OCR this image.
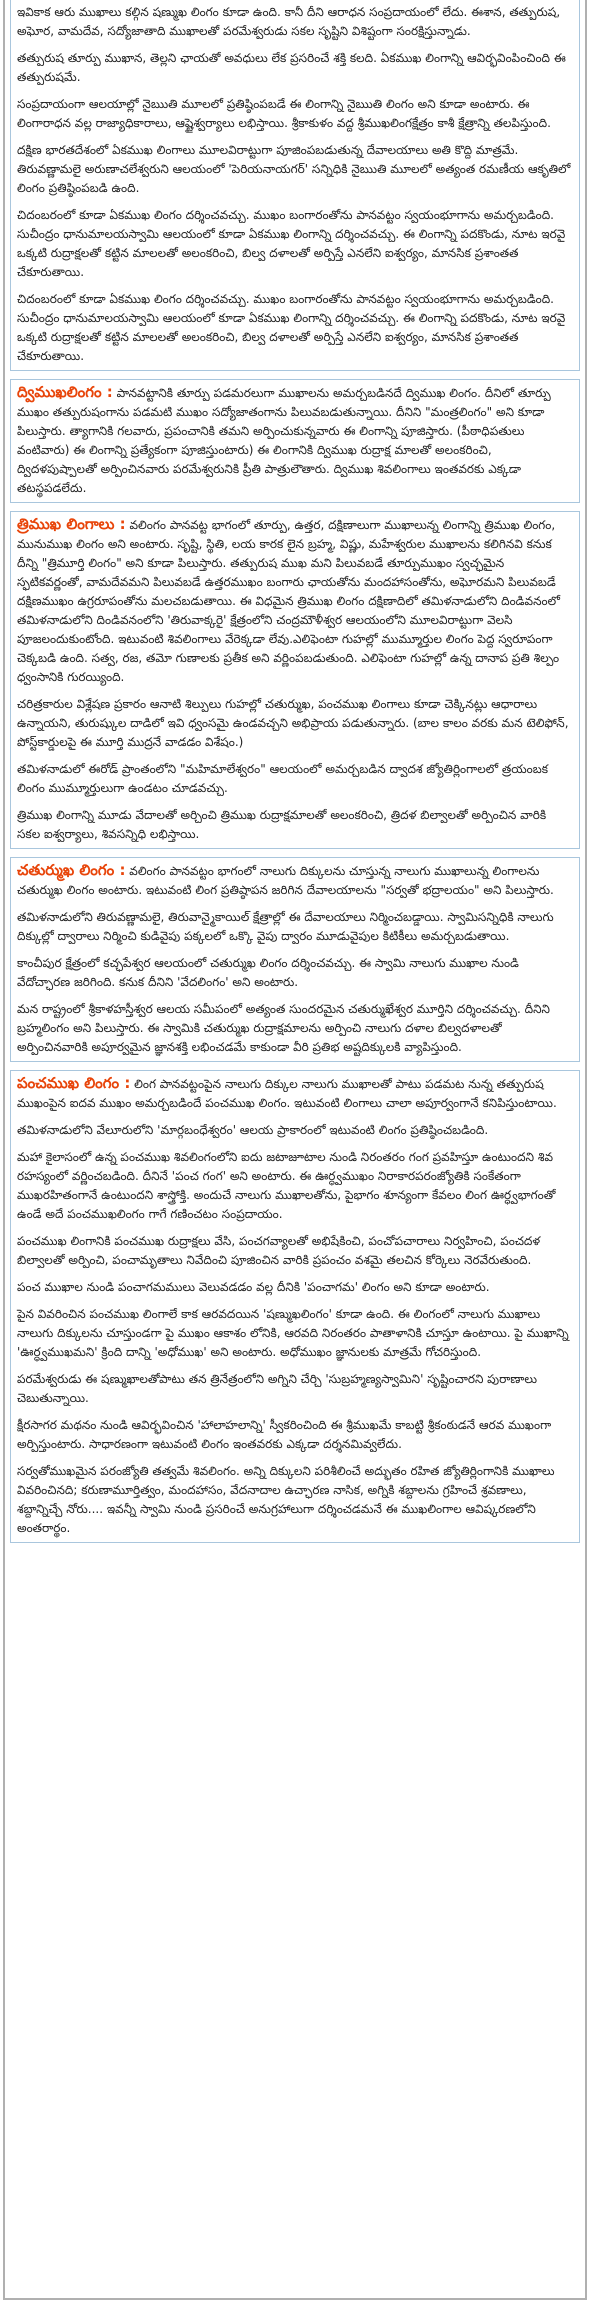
ఇవికాక ఆరు ముఖాలు కల్గిన షణ్ముఖ లింగం కూడా ఉంది. కానీ దీని ఆరాధన సంప్రదాయంలో లేదు. ఈశాన, తత్పురుష, అఘోర, వామదేవ, సద్యోజాతాది ముఖాలతో పరమేశ్వరుడు సకల సృష్టిని విశిష్టంగా సంరక్షిస్తున్నాడు.

తత్పురుష తూర్పు ముఖాన, తెల్లని ఛాయతో అవధులు లేక ప్రసరించే శక్తి కలది. ఏకముఖ లింగాన్ని ఆవిర్భవింపించింది ఈ తత్పురుషమే.

సంప్రదాయంగా ఆలయాల్లో నైఋతి మూలలో ప్రతిష్ఠింపబడే ఈ లింగాన్ని నైఋతి లింగం అని కూడా అంటారు. ఈ లింగారాధన వల్ల రాజ్యాధికారాలు, ఆష్టైశ్వర్యాలు లభిస్తాయి. శ్రీకాకుళం వద్ద శ్రీముఖలింగక్షేత్రం కాశీ క్షేత్రాన్ని తలపిస్తుంది.

దక్షిణ భారతదేశంలో ఏకముఖ లింగాలు మూలవిరాట్టుగా పూజింపబడుతున్న దేవాలయాలు అతి కొద్ది మాత్రమే. తిరువణ్ణామలై అరుణాచలేశ్వరుని ఆలయంలో 'పెరియనాయగర్' సన్నిధికి నైఋతి మూలలో అత్యంత రమణీయ ఆకృతిలో లింగం ప్రతిష్ఠింపబడి ఉంది.

చిదంబరంలో కూడా ఏకముఖ లింగం దర్శించవచ్చు. ముఖం బంగారంతోను పానవట్టం స్వయంభూగాను అమర్చబడింది. సుచీంద్రం ధానుమాలయస్వామి ఆలయంలో కూడా ఏకముఖ లింగాన్ని దర్శించవచ్చు. ఈ లింగాన్ని పదకొండు, నూట ఇరవై ఒక్కటి రుద్రాక్షలతో కట్టిన మాలలతో అలంకరించి, బిల్వ దళాలతో అర్పిస్తే ఎనలేని ఐశ్వర్యం, మానసిక ప్రశాంతత చేకూరుతాయి.

చిదంబరంలో కూడా ఏకముఖ లింగం దర్శించవచ్చు. ముఖం బంగారంతోను పానవట్టం స్వయంభూగాను అమర్చబడింది. సుచీంద్రం ధానుమాలయస్వామి ఆలయంలో కూడా ఏకముఖ లింగాన్ని దర్శించవచ్చు. ఈ లింగాన్ని పదకొండు, నూట ఇరవై ఒక్కటి రుద్రాక్షలతో కట్టిన మాలలతో అలంకరించి, బిల్వ దళాలతో అర్పిస్తే ఎనలేని ఐశ్వర్యం, మానసిక ప్రశాంతత చేకూరుతాయి.

ద్విముఖలింగం : పానవట్టానికి తూర్పు పడమరలుగా ముఖాలను అమర్చబడినదే ద్విముఖ లింగం. దీనిలో తూర్పు ముఖం తత్పురుషంగాను పడమటి ముఖం సద్యోజాతంగాను పిలువబడుతున్నాయి. దీనిని "మంత్రలింగం" అని కూడా పిలుస్తారు. త్యాగానికి గలవారు, ప్రపంచానికి తమని అర్పించుకున్నవారు ఈ లింగాన్ని పూజిస్తారు. (పీఠాధిపతులు వంటివారు) ఈ లింగాన్ని ప్రత్యేకంగా పూజిస్తుంటారు) ఈ లింగానికి ద్విముఖ రుద్రాక్ష మాలతో అలంకరించి, ద్విదళపుష్పాలతో అర్పించినవారు పరమేశ్వరునికి ప్రీతి పాత్రులౌతారు. ద్విముఖ శివలింగాలు ఇంతవరకు ఎక్కడా తటస్థపడలేదు.

త్రిముఖ లింగాలు : వలింగం పానవట్ట భాగంలో తూర్పు, ఉత్తర, దక్షిణాలుగా ముఖాలున్న లింగాన్ని త్రిముఖ లింగం, మునుముఖ లింగం అని అంటారు. సృష్టి, స్థితి, లయ కారక లైన బ్రహ్మ, విష్ణు, మహేశ్వరుల ముఖాలను కలిగినవి కనుక దీన్ని "త్రిమూర్తి లింగం" అని కూడా పిలుస్తారు. తత్పురుష ముఖ మని పిలువబడే తూర్పుముఖం స్వచ్ఛమైన స్ఫటికవర్ణంతో, వామదేవమని పిలువబడే ఉత్తరముఖం బంగారు ఛాయతోను మందహాసంతోను, అఘోరమని పిలువబడే దక్షిణముఖం ఉగ్రరూపంతోను మలచబడుతాయి. ఈ విధమైన త్రిముఖ లింగం దక్షిణాదిలో తమిళనాడులోని దిండివనంలో తమిళనాడులోని దిండివనంలోని 'తిరువాక్కరై' క్షేత్రంలోని చంద్రమౌళీశ్వర ఆలయంలోని మూలవిరాట్టుగా వెలసి పూజలందుకుంటోంది. ఇటువంటి శివలింగాలు వేరెక్కడా లేవు.ఎలిఫెంటా గుహల్లో ముమ్మూర్తుల లింగం పెద్ద స్వరూపంగా చెక్కబడి ఉంది. సత్వ, రజ, తమో గుణాలకు ప్రతీక అని వర్ణింపబడుతుంది. ఎలిఫెంటా గుహల్లో ఉన్న దానాప ప్రతి శిల్పం ధ్వంసానికి గురయ్యింది.

చరిత్రకారుల విశ్లేషణ ప్రకారం ఆనాటి శిల్పులు గుహల్లో చతుర్ముఖ, పంచముఖ లింగాలు కూడా చెక్కినట్లు ఆధారాలు ఉన్నాయని, తురుష్కుల దాడిలో ఇవి ధ్వంసమై ఉండవచ్చని అభిప్రాయ పడుతున్నారు. (బాల కాలం వరకు మన టెలిఫోన్, పోస్ట్‌కార్డులపై ఈ మూర్తి ముద్రనే వాడడం విశేషం.)

తమిళనాడులో ఈరోడ్ ప్రాంతంలోని "మహిమాలేశ్వరం" ఆలయంలో అమర్చబడిన ద్వాదశ జ్యోతిర్లింగాలలో త్రయంబక లింగం ముమ్మూర్తులుగా ఉండటం చూడవచ్చు.

త్రిముఖ లింగాన్ని మూడు వేదాలతో అర్చించి త్రిముఖ రుద్రాక్షమాలతో అలంకరించి, త్రిదళ బిల్వాలతో అర్పించిన వారికి సకల ఐశ్వర్యాలు, శివసన్నిధి లభిస్తాయి.

చతుర్ముఖ లింగం : వలింగం పానవట్టం భాగంలో నాలుగు దిక్కులను చూస్తున్న నాలుగు ముఖాలున్న లింగాలను చతుర్ముఖ లింగం అంటారు. ఇటువంటి లింగ ప్రతిష్ఠాపన జరిగిన దేవాలయాలను "సర్వతో భద్రాలయం" అని పిలుస్తారు.

తమిళనాడులోని తిరువణ్ణామలై, తిరువాన్మైకాయిల్ క్షేత్రాల్లో ఈ దేవాలయాలు నిర్మించబడ్డాయి. స్వామిసన్నిధికి నాలుగు దిక్కుల్లో ద్వారాలు నిర్మించి కుడివైపు పక్కలలో ఒక్కొ వైపు ద్వారం మూడువైపుల కిటికీలు అమర్చబడుతాయి.

కాంచీపుర క్షేత్రంలో కచ్ఛపేశ్వర ఆలయంలో చతుర్ముఖ లింగం దర్శించవచ్చు. ఈ స్వామి నాలుగు ముఖాల నుండి వేదోచ్ఛారణ జరిగింది. కనుక దీనిని 'వేదలింగం' అని అంటారు.

మన రాష్ట్రంలో శ్రీకాళహస్తీశ్వర ఆలయ సమీపంలో అత్యంత సుందరమైన చతుర్ముఖేశ్వర మూర్తిని దర్శించవచ్చు. దీనిని బ్రహ్మలింగం అని పిలుస్తారు. ఈ స్వామికి చతుర్ముఖ రుద్రాక్షమాలను అర్పించి నాలుగు దళాల బిల్వదళాలతో అర్పించినవారికి అపూర్వమైన జ్ఞానశక్తి లభించడమే కాకుండా వీరి ప్రతిభ అష్టదిక్కులకి వ్యాపిస్తుంది.

పంచముఖ లింగం : లింగ పానవట్టంపైన నాలుగు దిక్కుల నాలుగు ముఖాలతో పాటు పడమట నున్న తత్పురుష ముఖంపైన ఐదవ ముఖం అమర్చబడిందే పంచముఖ లింగం. ఇటువంటి లింగాలు చాలా అపూర్వంగానే కనిపిస్తుంటాయి.

తమిళనాడులోని వేలూరులోని 'మార్గబంధేశ్వరం' ఆలయ ప్రాకారంలో ఇటువంటి లింగం ప్రతిష్ఠించబడింది.

మహా కైలాసంలో ఉన్న పంచముఖ శివలింగంలోని ఐదు జటాజూటాల నుండి నిరంతరం గంగ ప్రవహిస్తూ ఉంటుందని శివ రహస్యంలో వర్ణించబడింది. దీనినే 'పంచ గంగ' అని అంటారు. ఈ ఊర్ధ్వముఖం నిరాకారపరంజ్యోతికి సంకేతంగా ముఖరహితంగానే ఉంటుందని శాస్త్రోక్తి. అందుచే నాలుగు ముఖాలతోను, పైభాగం శూన్యంగా కేవలం లింగ ఊర్ధ్వభాగంతో ఉండే అదే పంచముఖలింగం గాగే గణించటం సంప్రదాయం.

పంచముఖ లింగానికి పంచముఖ రుద్రాక్షలు వేసి, పంచగవ్యాలతో అభిషేకించి, పంచోపచారాలు నిర్వహించి, పంచదళ బిల్వాలతో అర్పించి, పంచామృతాలు నివేదించి పూజించిన వారికి ప్రపంచం వశమై తలచిన కోర్కెలు నెరవేరుతుంది.

పంచ ముఖాల నుండి పంచాగమములు వెలువడడం వల్ల దీనికి 'పంచాగమ' లింగం అని కూడా అంటారు.

పైన వివరించిన పంచముఖ లింగాలే కాక ఆరవదయిన 'షణ్ముఖలింగం' కూడా ఉంది. ఈ లింగంలో నాలుగు ముఖాలు నాలుగు దిక్కులను చూస్తుండగా పై ముఖం ఆకాశం లోనికి, ఆరవది నిరంతరం పాతాళానికి చూస్తూ ఉంటాయి. పై ముఖాన్ని 'ఊర్ధ్వముఖమని' క్రింది దాన్ని 'అధోముఖ' అని అంటారు. అధోముఖం జ్ఞానులకు మాత్రమే గోచరిస్తుంది.

పరమేశ్వరుడు ఈ షణ్ముఖాలతోపాటు తన త్రినేత్రంలోని అగ్నిని చేర్చి 'సుబ్రహ్మణ్యస్వామిని' సృష్టించారని పురాణాలు చెబుతున్నాయి.

క్షీరసాగర మథనం నుండి ఆవిర్భవించిన 'హాలాహలాన్ని' స్వీకరించింది ఈ శ్రీముఖమే కాబట్టి శ్రీకంఠుడనే ఆరవ ముఖంగా అర్పిస్తుంటారు. సాధారణంగా ఇటువంటి లింగం ఇంతవరకు ఎక్కడా దర్శనమివ్వలేదు.

సర్వతోముఖమైన పరంజ్యోతి తత్వమే శివలింగం. అన్ని దిక్కులని పరిశీలించే అద్భుతం రహిత జ్యోతిర్లింగానికి ముఖాలు వివరించినది; కరుణామూర్తిత్వం, మందహాసం, వేదనాదాల ఉచ్ఛారణ నాసిక, అగ్నికి శబ్దాలను గ్రహించే శ్రవణాలు, శబ్దాన్నిచ్చే నోరు.... ఇవన్నీ స్వామి నుండి ప్రసరించే అనుగ్రహాలుగా దర్శించడమనే ఈ ముఖలింగాల ఆవిష్కరణలోని అంతరార్థం.
